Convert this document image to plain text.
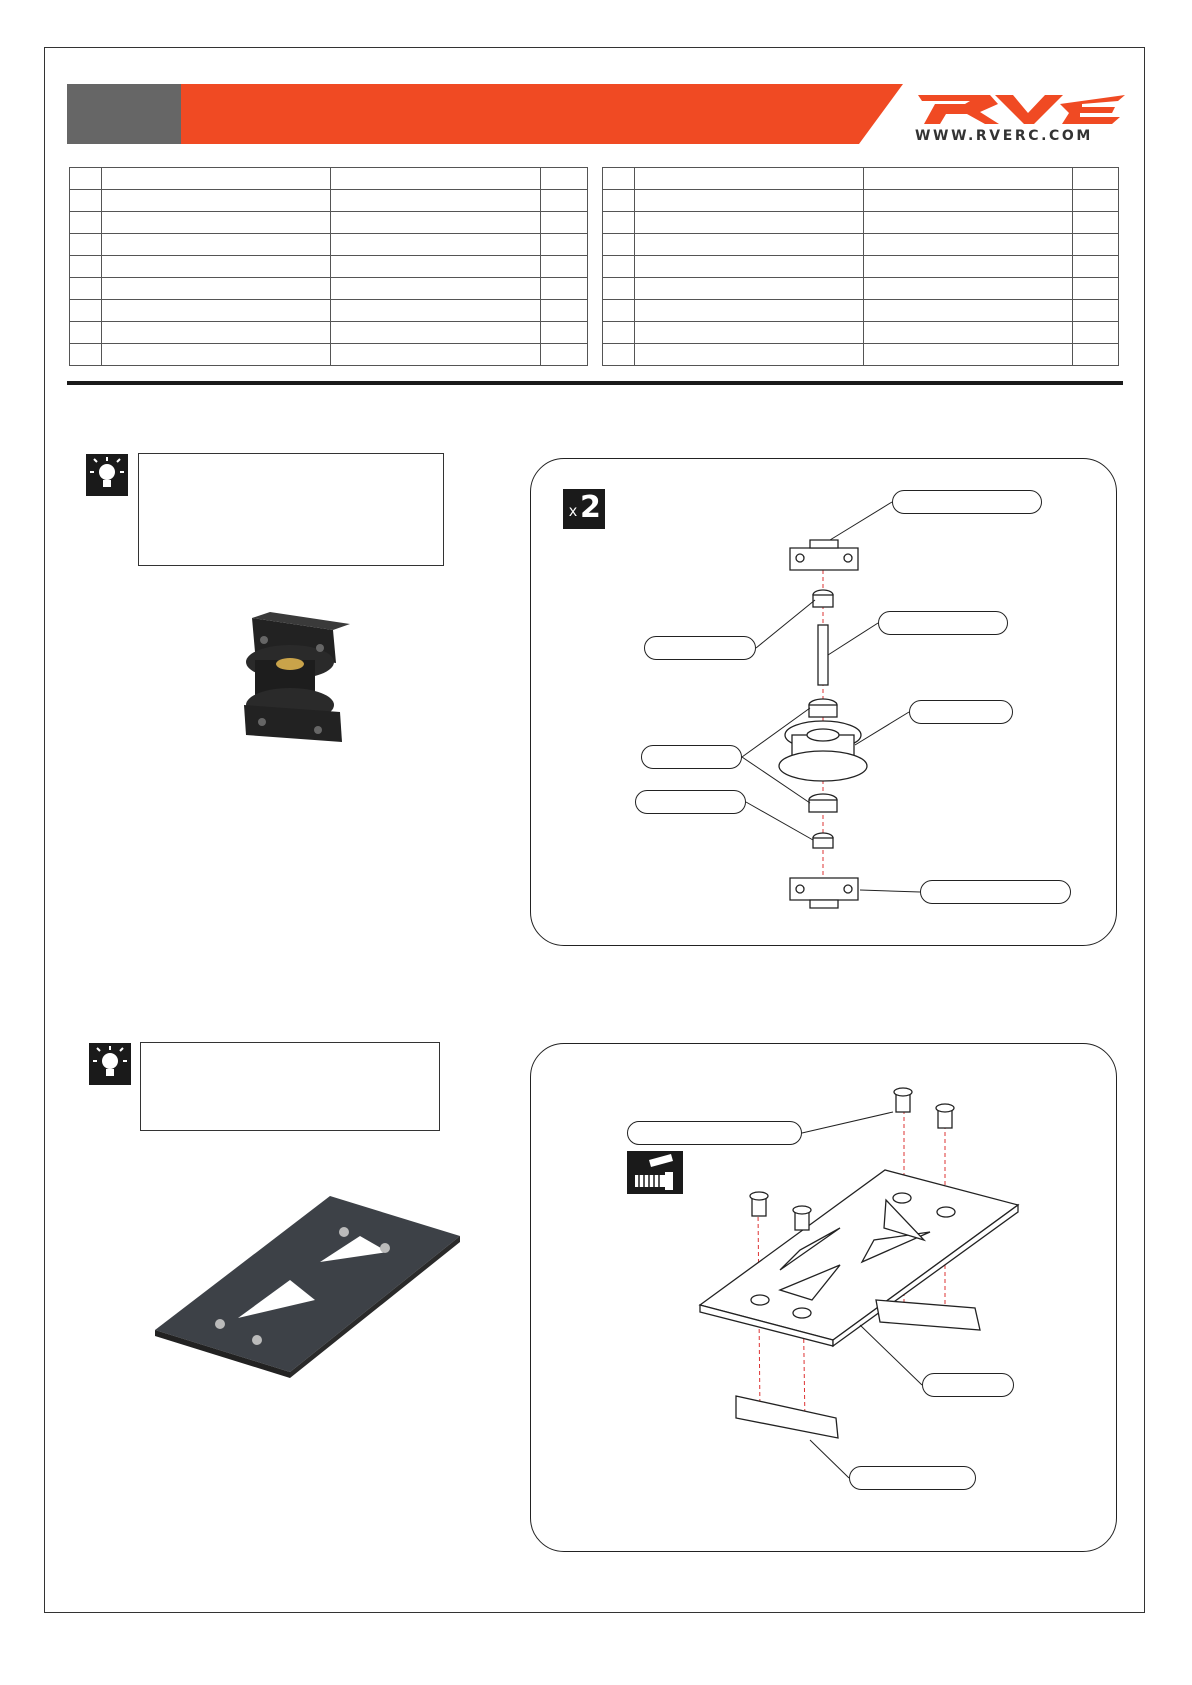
WWW.RVERC.COM

x 2
